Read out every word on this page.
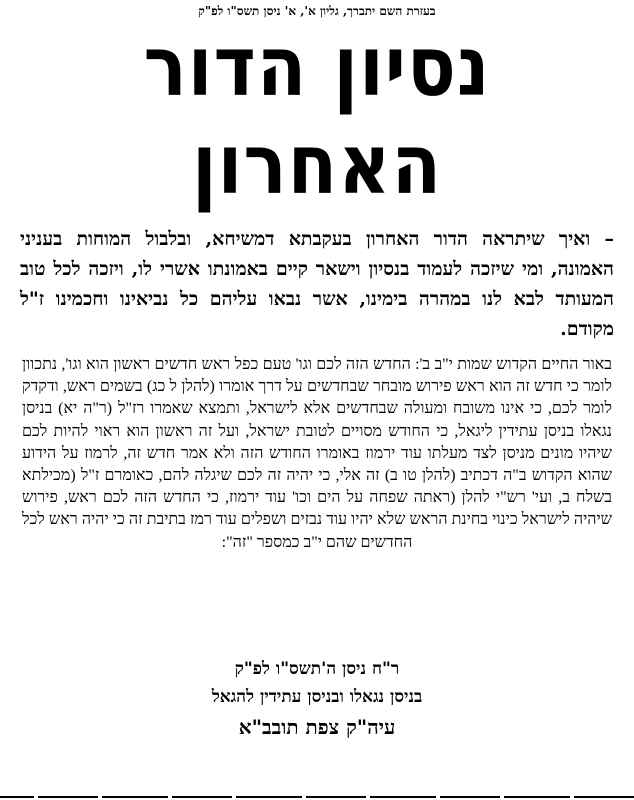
בעזרת השם יתברך, גליון א', א' ניסן תשס"ו לפ"ק
נסיון הדור
האחרון
– ואיך שיתראה הדור האחרון בעקבתא דמשיחא, ובלבול המוחות בעניני האמונה, ומי שיזכה לעמוד בנסיון וישאר קיים באמונתו אשרי לו, ויזכה לכל טוב המעותד לבא לנו במהרה בימינו, אשר נבאו עליהם כל נביאינו וחכמינו ז"ל מקודם.
באור החיים הקדוש שמות י"ב ב': החדש הזה לכם וגו' טעם כפל ראש חדשים ראשון הוא וגו', נתכוון לומר כי חדש זה הוא ראש פירוש מובחר שבחדשים על דרך אומרו (להלן ל כג) בשמים ראש, ודקדק לומר לכם, כי אינו משובח ומעולה שבחדשים אלא לישראל, ותמצא שאמרו רז"ל (ר"ה יא) בניסן נגאלו בניסן עתידין ליגאל, כי החודש מסויים לטובת ישראל, ועל זה ראשון הוא ראוי להיות לכם שיהיו מונים מניסן לצד מעלתו עוד ירמוז באומרו החודש הזה ולא אמר חדש זה, לרמוז על הידוע שהוא הקדוש ב"ה דכתיב (להלן טו ב) זה אלי, כי יהיה זה לכם שיגלה להם, כאומרם ז"ל (מכילתא בשלח ב, ועי' רש"י להלן (ראתה שפחה על הים וכו' עוד ירמוז, כי החדש הזה לכם ראש, פירוש שיהיה לישראל כינוי בחינת הראש שלא יהיו עוד נבזים ושפלים עוד רמז בתיבת זה כי יהיה ראש לכל החדשים שהם י"ב כמספר "זה":
ר"ח ניסן ה'תשס"ו לפ"ק
בניסן נגאלו ובניסן עתידין להגאל
עיה"ק צפת תובב"א
